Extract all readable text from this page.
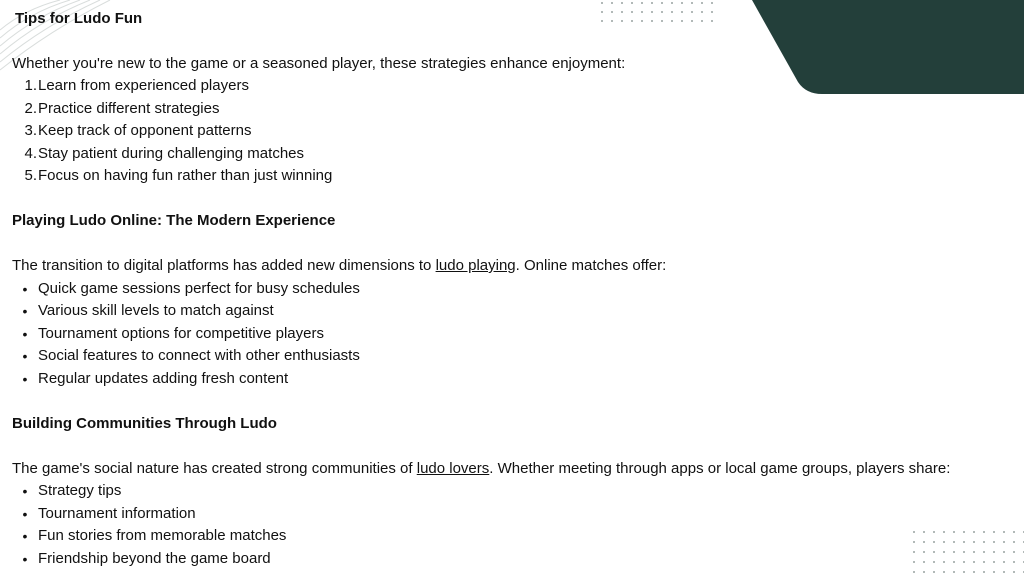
Tips for Ludo Fun

Whether you're new to the game or a seasoned player, these strategies enhance enjoyment:

1. Learn from experienced players
2. Practice different strategies
3. Keep track of opponent patterns
4. Stay patient during challenging matches
5. Focus on having fun rather than just winning
Playing Ludo Online: The Modern Experience

The transition to digital platforms has added new dimensions to ludo playing. Online matches offer:

• Quick game sessions perfect for busy schedules
• Various skill levels to match against
• Tournament options for competitive players
• Social features to connect with other enthusiasts
• Regular updates adding fresh content
Building Communities Through Ludo

The game's social nature has created strong communities of ludo lovers. Whether meeting through apps or local game groups, players share:

• Strategy tips
• Tournament information
• Fun stories from memorable matches
• Friendship beyond the game board
